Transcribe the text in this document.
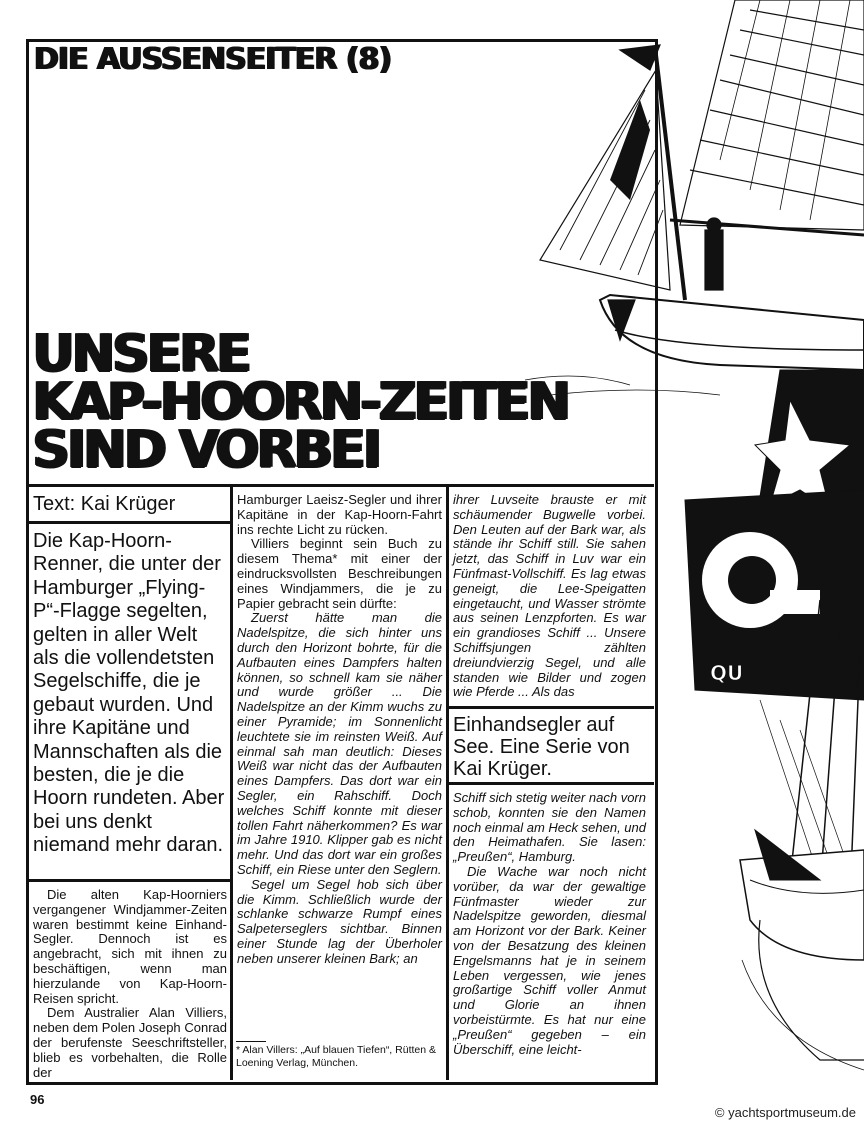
QU
DIE AUSSENSEITER (8)
UNSERE
KAP-HOORN-ZEITEN
SIND VORBEI
Text: Kai Krüger
Die Kap-Hoorn-Renner, die unter der Hamburger „Flying-P“-Flagge segelten, gelten in aller Welt als die vollendetsten Segelschiffe, die je gebaut wurden. Und ihre Kapitäne und Mannschaften als die besten, die je die Hoorn rundeten. Aber bei uns denkt niemand mehr daran.

Die alten Kap-Hoorniers vergangener Windjammer-Zeiten waren bestimmt keine Einhand-Segler. Dennoch ist es angebracht, sich mit ihnen zu beschäftigen, wenn man hierzulande von Kap-Hoorn-Reisen spricht.

Dem Australier Alan Villiers, neben dem Polen Joseph Conrad der berufenste Seeschriftsteller, blieb es vorbehalten, die Rolle der

Hamburger Laeisz-Segler und ihrer Kapitäne in der Kap-Hoorn-Fahrt ins rechte Licht zu rücken.

Villiers beginnt sein Buch zu diesem Thema* mit einer der eindrucksvollsten Beschreibungen eines Windjammers, die je zu Papier gebracht sein dürfte:

Zuerst hätte man die Nadelspitze, die sich hinter uns durch den Horizont bohrte, für die Aufbauten eines Dampfers halten können, so schnell kam sie näher und wurde größer ... Die Nadelspitze an der Kimm wuchs zu einer Pyramide; im Sonnenlicht leuchtete sie im reinsten Weiß. Auf einmal sah man deutlich: Dieses Weiß war nicht das der Aufbauten eines Dampfers. Das dort war ein Segler, ein Rahschiff. Doch welches Schiff konnte mit dieser tollen Fahrt näherkommen? Es war im Jahre 1910. Klipper gab es nicht mehr. Und das dort war ein großes Schiff, ein Riese unter den Seglern.

Segel um Segel hob sich über die Kimm. Schließlich wurde der schlanke schwarze Rumpf eines Salpeterseglers sichtbar. Binnen einer Stunde lag der Überholer neben unserer kleinen Bark; an

* Alan Villers: „Auf blauen Tiefen“, Rütten & Loening Verlag, München.

ihrer Luvseite brauste er mit schäumender Bugwelle vorbei. Den Leuten auf der Bark war, als stände ihr Schiff still. Sie sahen jetzt, das Schiff in Luv war ein Fünfmast-Vollschiff. Es lag etwas geneigt, die Lee-Speigatten eingetaucht, und Wasser strömte aus seinen Lenzpforten. Es war ein grandioses Schiff ... Unsere Schiffsjungen zählten dreiundvierzig Segel, und alle standen wie Bilder und zogen wie Pferde ... Als das

Einhandsegler auf See. Eine Serie von Kai Krüger.

Schiff sich stetig weiter nach vorn schob, konnten sie den Namen noch einmal am Heck sehen, und den Heimathafen. Sie lasen: „Preußen“, Hamburg.

Die Wache war noch nicht vorüber, da war der gewaltige Fünfmaster wieder zur Nadelspitze geworden, diesmal am Horizont vor der Bark. Keiner von der Besatzung des kleinen Engelsmanns hat je in seinem Leben vergessen, wie jenes großartige Schiff voller Anmut und Glorie an ihnen vorbeistürmte. Es hat nur eine „Preußen“ gegeben – ein Überschiff, eine leicht-

96
© yachtsportmuseum.de
